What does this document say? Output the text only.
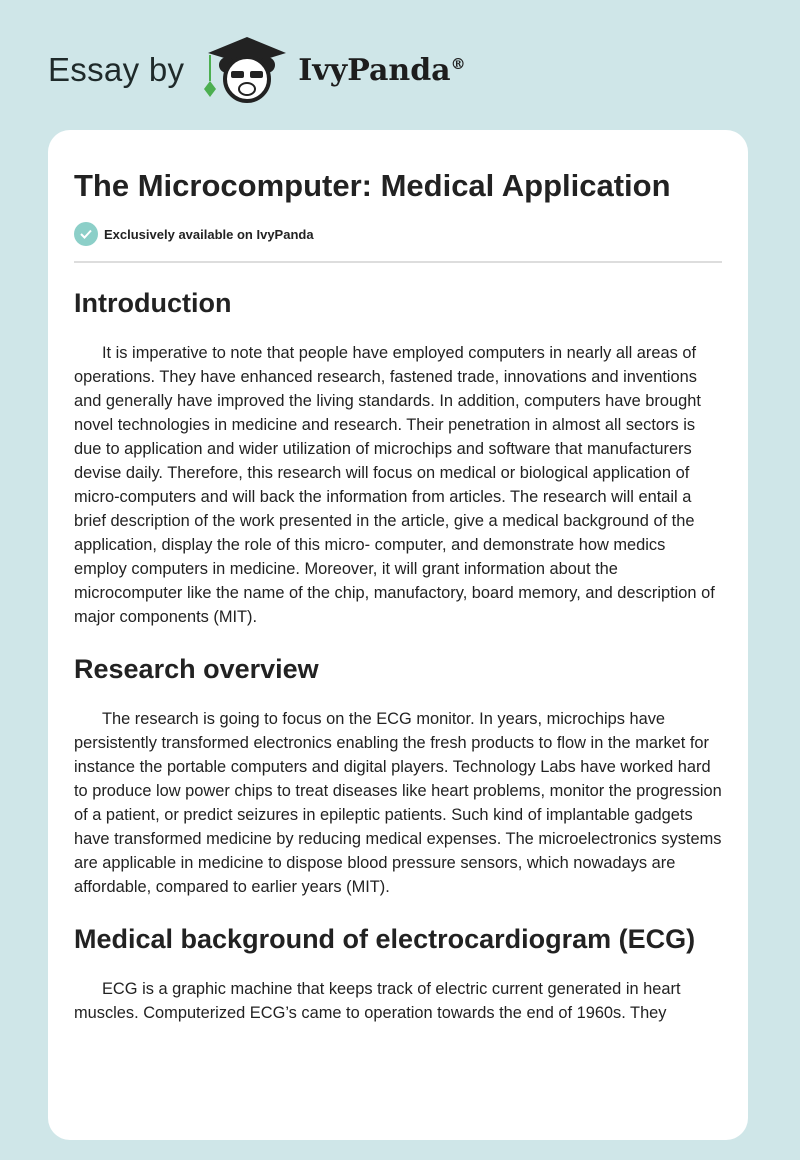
Essay by	IvyPanda®
The Microcomputer: Medical Application
Exclusively available on IvyPanda
Introduction

It is imperative to note that people have employed computers in nearly all areas of operations. They have enhanced research, fastened trade, innovations and inventions and generally have improved the living standards. In addition, computers have brought novel technologies in medicine and research. Their penetration in almost all sectors is due to application and wider utilization of microchips and software that manufacturers devise daily. Therefore, this research will focus on medical or biological application of micro-computers and will back the information from articles. The research will entail a brief description of the work presented in the article, give a medical background of the application, display the role of this micro- computer, and demonstrate how medics employ computers in medicine. Moreover, it will grant information about the microcomputer like the name of the chip, manufactory, board memory, and description of major components (MIT).

Research overview

The research is going to focus on the ECG monitor. In years, microchips have persistently transformed electronics enabling the fresh products to flow in the market for instance the portable computers and digital players. Technology Labs have worked hard to produce low power chips to treat diseases like heart problems, monitor the progression of a patient, or predict seizures in epileptic patients. Such kind of implantable gadgets have transformed medicine by reducing medical expenses. The microelectronics systems are applicable in medicine to dispose blood pressure sensors, which nowadays are affordable, compared to earlier years (MIT).

Medical background of electrocardiogram (ECG)

ECG is a graphic machine that keeps track of electric current generated in heart muscles. Computerized ECG’s came to operation towards the end of 1960s. They
